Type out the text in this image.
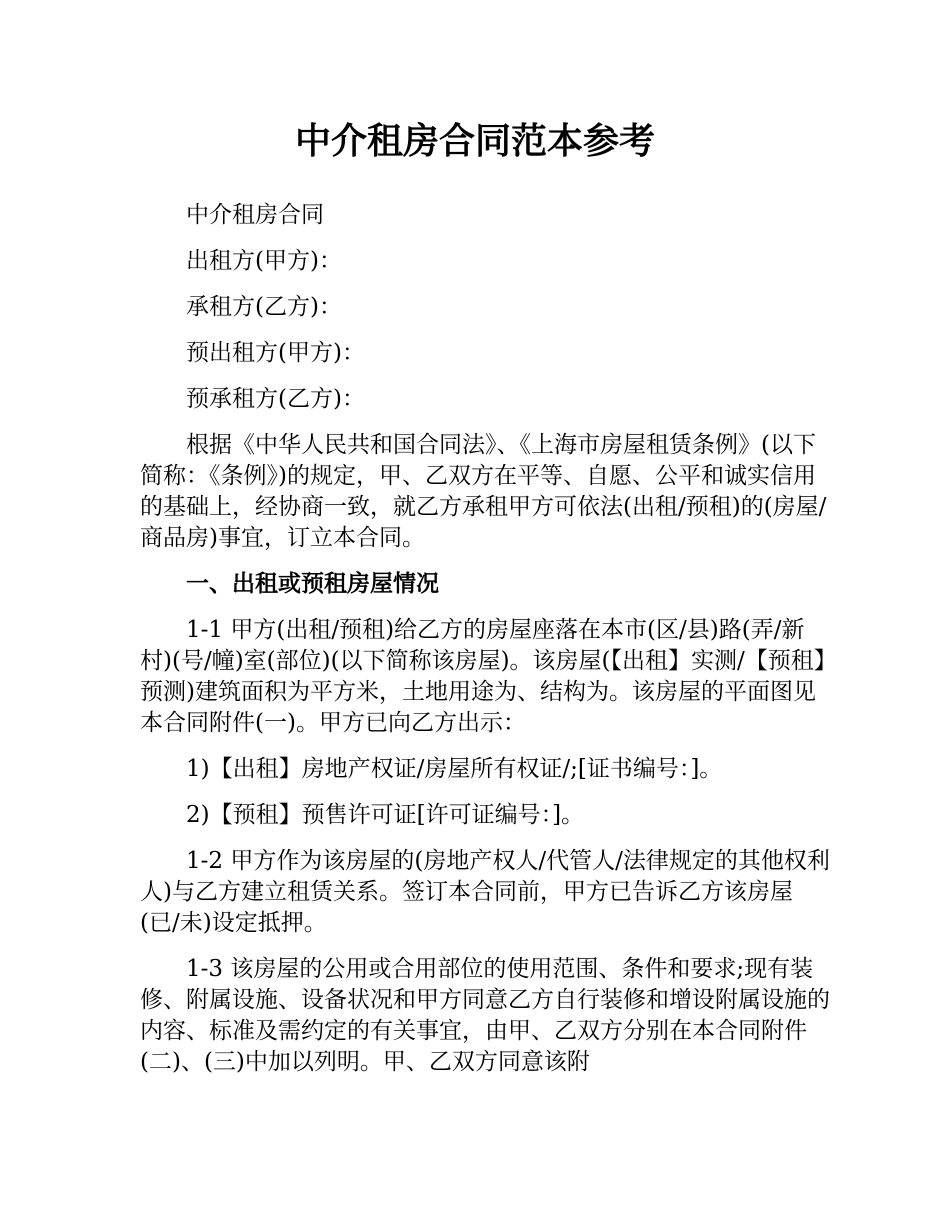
中介租房合同范本参考

中介租房合同

出租方(甲方)：

承租方(乙方)：

预出租方(甲方)：

预承租方(乙方)：

根据《中华人民共和国合同法》、《上海市房屋租赁条例》(以下简称：《条例》)的规定，甲、乙双方在平等、自愿、公平和诚实信用的基础上，经协商一致，就乙方承租甲方可依法(出租/预租)的(房屋/商品房)事宜，订立本合同。

一、出租或预租房屋情况

1-1 甲方(出租/预租)给乙方的房屋座落在本市(区/县)路(弄/新村)(号/幢)室(部位)(以下简称该房屋)。该房屋(【出租】实测/【预租】预测)建筑面积为平方米，土地用途为、结构为。该房屋的平面图见本合同附件(一)。甲方已向乙方出示：

1)【出租】房地产权证/房屋所有权证/;[证书编号：]。

2)【预租】预售许可证[许可证编号：]。

1-2 甲方作为该房屋的(房地产权人/代管人/法律规定的其他权利人)与乙方建立租赁关系。签订本合同前，甲方已告诉乙方该房屋(已/未)设定抵押。

1-3 该房屋的公用或合用部位的使用范围、条件和要求;现有装修、附属设施、设备状况和甲方同意乙方自行装修和增设附属设施的内容、标准及需约定的有关事宜，由甲、乙双方分别在本合同附件(二)、(三)中加以列明。甲、乙双方同意该附
